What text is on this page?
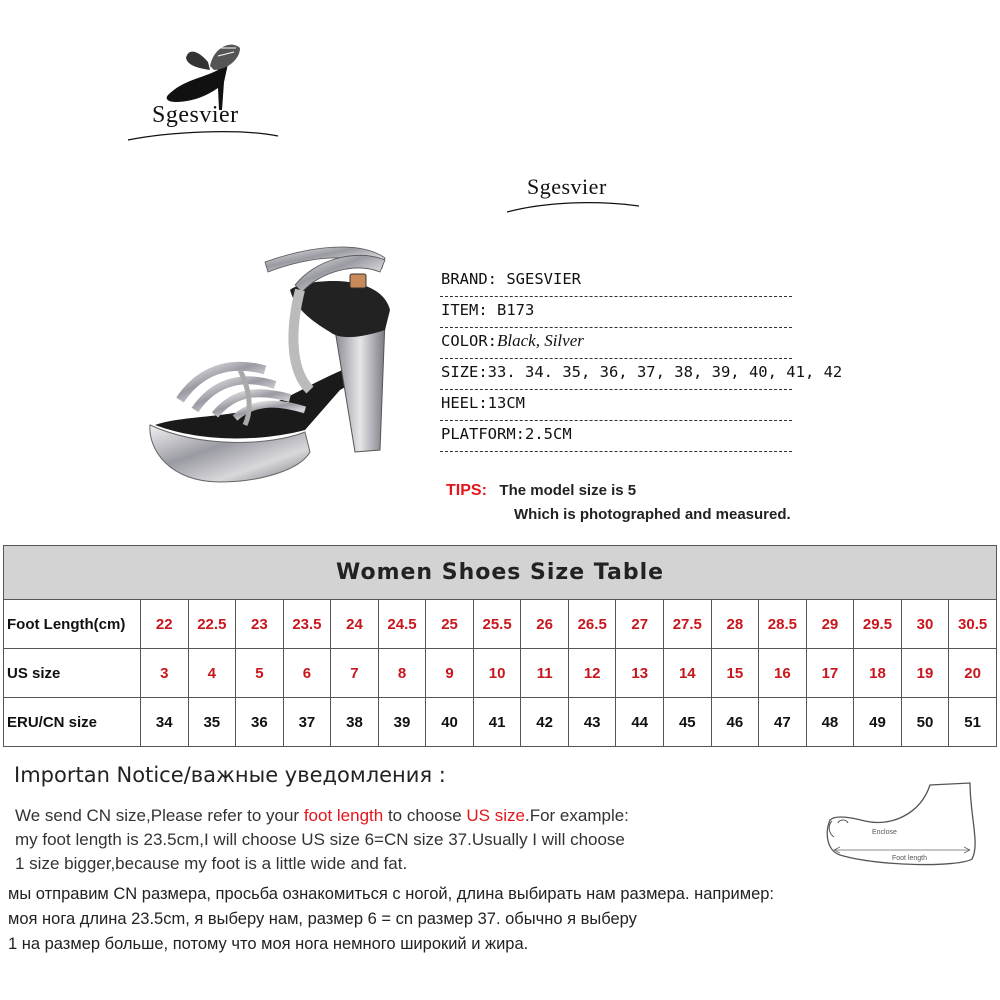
Sgesvier
Sgesvier
BRAND: SGESVIER
ITEM: B173
COLOR:Black, Silver
SIZE:33. 34. 35, 36, 37, 38, 39, 40, 41, 42
HEEL:13CM
PLATFORM:2.5CM
TIPS: The model size is 5
Which is photographed and measured.
Women Shoes Size Table																		
Foot Length(cm)	22	22.5	23	23.5	24	24.5	25	25.5	26	26.5	27	27.5	28	28.5	29	29.5	30	30.5
US size	3	4	5	6	7	8	9	10	11	12	13	14	15	16	17	18	19	20
ERU/CN size	34	35	36	37	38	39	40	41	42	43	44	45	46	47	48	49	50	51
Importan Notice/важные уведомления :
We send CN size,Please refer to your foot length to choose US size.For example:
my foot length is 23.5cm,I will choose US size 6=CN size 37.Usually I will choose
1 size bigger,because my foot is a little wide and fat.
мы отправим CN размера, просьба ознакомиться с ногой, длина выбирать нам размера. например:
моя нога длина 23.5cm, я выберу нам, размер 6 = cn размер 37. обычно я выберу
1 на размер больше, потому что моя нога немного широкий и жира.
Enclose
Foot length
